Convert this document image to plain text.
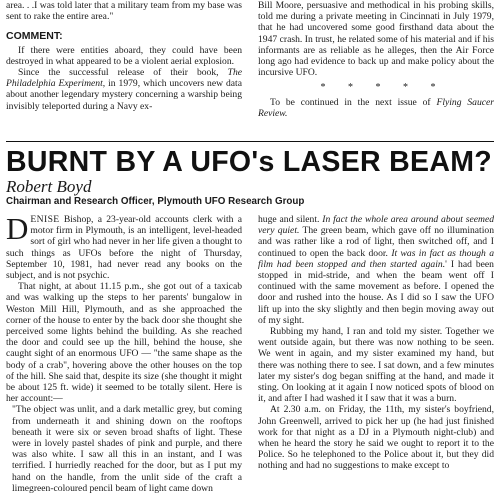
area. . .I was told later that a military team from my base was sent to rake the entire area."

COMMENT:

If there were entities aboard, they could have been destroyed in what appeared to be a violent aerial explosion.

Since the successful release of their book, The Philadelphia Experiment, in 1979, which uncovers new data about another legendary mystery concerning a warship being invisibly teleported during a Navy ex-

Bill Moore, persuasive and methodical in his probing skills, told me during a private meeting in Cincinnati in July 1979, that he had uncovered some good firsthand data about the 1947 crash. In trust, he related some of his material and if his informants are as reliable as he alleges, then the Air Force long ago had evidence to back up and make policy about the incursive UFO.

* * * * *

To be continued in the next issue of Flying Saucer Review.

BURNT BY A UFO's LASER BEAM?
Robert Boyd
Chairman and Research Officer, Plymouth UFO Research Group

DENISE Bishop, a 23-year-old accounts clerk with a motor firm in Plymouth, is an intelligent, level-headed sort of girl who had never in her life given a thought to such things as UFOs before the night of Thursday, September 10, 1981, had never read any books on the subject, and is not psychic.

That night, at about 11.15 p.m., she got out of a taxicab and was walking up the steps to her parents' bungalow in Weston Mill Hill, Plymouth, and as she approached the corner of the house to enter by the back door she thought she perceived some lights behind the building. As she reached the door and could see up the hill, behind the house, she caught sight of an enormous UFO — "the same shape as the body of a crab", hovering above the other houses on the top of the hill. She said that, despite its size (she thought it might be about 125 ft. wide) it seemed to be totally silent. Here is her account:—

"The object was unlit, and a dark metallic grey, but coming from underneath it and shining down on the rooftops beneath it were six or seven broad shafts of light. These were in lovely pastel shades of pink and purple, and there was also white. I saw all this in an instant, and I was terrified. I hurriedly reached for the door, but as I put my hand on the handle, from the unlit side of the craft a limegreen-coloured pencil beam of light came down

huge and silent. In fact the whole area around about seemed very quiet. The green beam, which gave off no illumination and was rather like a rod of light, then switched off, and I continued to open the back door. It was in fact as though a film had been stopped and then started again.' I had been stopped in mid-stride, and when the beam went off I continued with the same movement as before. I opened the door and rushed into the house. As I did so I saw the UFO lift up into the sky slightly and then begin moving away out of my sight.

Rubbing my hand, I ran and told my sister. Together we went outside again, but there was now nothing to be seen. We went in again, and my sister examined my hand, but there was nothing there to see. I sat down, and a few minutes later my sister's dog began sniffing at the hand, and made it sting. On looking at it again I now noticed spots of blood on it, and after I had washed it I saw that it was a burn.

At 2.30 a.m. on Friday, the 11th, my sister's boyfriend, John Greenwell, arrived to pick her up (he had just finished work for that night as a DJ in a Plymouth night-club) and when he heard the story he said we ought to report it to the Police. So he telephoned to the Police about it, but they did nothing and had no suggestions to make except to
